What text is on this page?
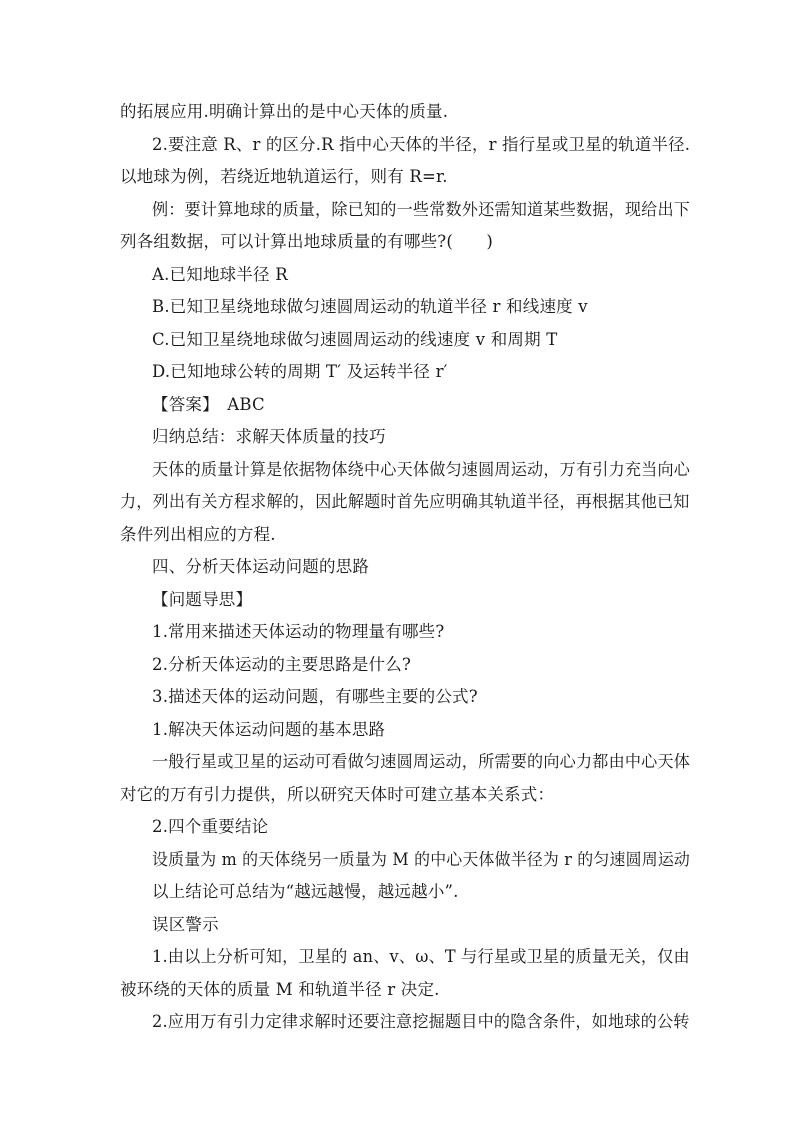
的拓展应用.明确计算出的是中心天体的质量.
2.要注意 R、r 的区分.R 指中心天体的半径，r 指行星或卫星的轨道半径.
以地球为例，若绕近地轨道运行，则有 R=r.
例：要计算地球的质量，除已知的一些常数外还需知道某些数据，现给出下
列各组数据，可以计算出地球质量的有哪些?(　　)
A.已知地球半径 R
B.已知卫星绕地球做匀速圆周运动的轨道半径 r 和线速度 v
C.已知卫星绕地球做匀速圆周运动的线速度 v 和周期 T
D.已知地球公转的周期 T′ 及运转半径 r′
【答案】　ABC
归纳总结：求解天体质量的技巧
天体的质量计算是依据物体绕中心天体做匀速圆周运动，万有引力充当向心
力，列出有关方程求解的，因此解题时首先应明确其轨道半径，再根据其他已知
条件列出相应的方程.
四、分析天体运动问题的思路
【问题导思】
1.常用来描述天体运动的物理量有哪些?
2.分析天体运动的主要思路是什么?
3.描述天体的运动问题，有哪些主要的公式?
1.解决天体运动问题的基本思路
一般行星或卫星的运动可看做匀速圆周运动，所需要的向心力都由中心天体
对它的万有引力提供，所以研究天体时可建立基本关系式：
2.四个重要结论
设质量为 m 的天体绕另一质量为 M 的中心天体做半径为 r 的匀速圆周运动
以上结论可总结为“越远越慢，越远越小”.
误区警示
1.由以上分析可知，卫星的 an、v、ω、T 与行星或卫星的质量无关，仅由
被环绕的天体的质量 M 和轨道半径 r 决定.
2.应用万有引力定律求解时还要注意挖掘题目中的隐含条件，如地球的公转
